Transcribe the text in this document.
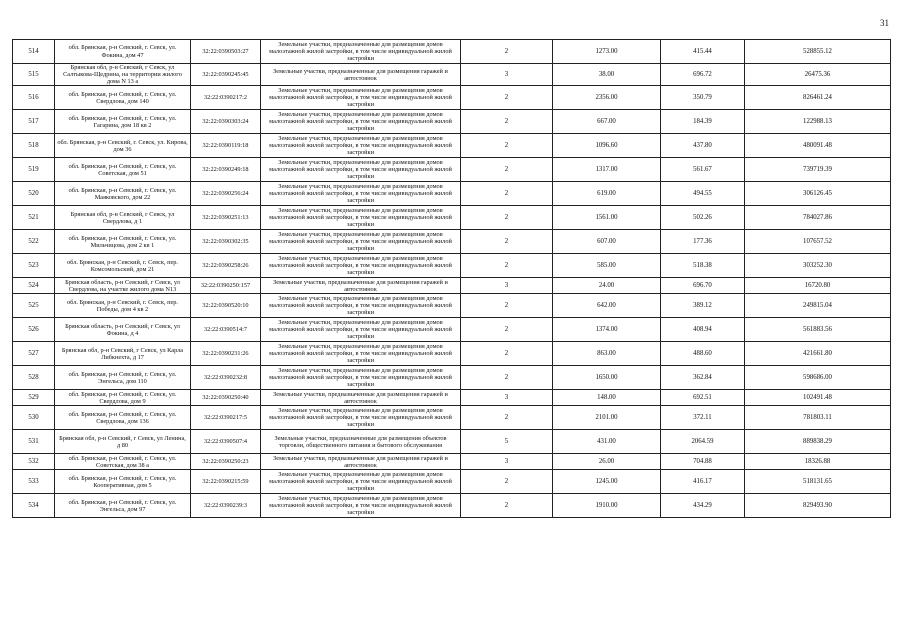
31
514	обл. Брянская, р-н Севский, г. Севск, ул. Фокина, дом 47	32:22:0390503:27	Земельные участки, предназначенные для размещения домов малоэтажной жилой застройки, в том числе индивидуальной жилой застройки	2	1273.00	415.44	528855.12
515	Брянская обл, р-н Севский, г Севск, ул Салтыкова-Щедрина, на территории жилого дома N 13 а	32:22:0390245:45	Земельные участки, предназначенные для размещения гаражей и автостоянок	3	38.00	696.72	26475.36
516	обл. Брянская, р-н Севский, г. Севск, ул. Свердлова, дом 140	32:22:0390217:2	Земельные участки, предназначенные для размещения домов малоэтажной жилой застройки, в том числе индивидуальной жилой застройки	2	2356.00	350.79	826461.24
517	обл. Брянская, р-н Севский, г. Севск, ул. Гагарина, дом 18 кв 2	32:22:0390303:24	Земельные участки, предназначенные для размещения домов малоэтажной жилой застройки, в том числе индивидуальной жилой застройки	2	667.00	184.39	122988.13
518	обл. Брянская, р-н Севский, г. Севск, ул. Кирова, дом 36	32:22:0390119:18	Земельные участки, предназначенные для размещения домов малоэтажной жилой застройки, в том числе индивидуальной жилой застройки	2	1096.60	437.80	480091.48
519	обл. Брянская, р-н Севский, г. Севск, ул. Советская, дом 51	32:22:0390249:18	Земельные участки, предназначенные для размещения домов малоэтажной жилой застройки, в том числе индивидуальной жилой застройки	2	1317.00	561.67	739719.39
520	обл. Брянская, р-н Севский, г. Севск, ул. Маяковского, дом 22	32:22:0390256:24	Земельные участки, предназначенные для размещения домов малоэтажной жилой застройки, в том числе индивидуальной жилой застройки	2	619.00	494.55	306126.45
521	Брянская обл, р-н Севский, г Севск, ул Свердлова, д 1	32:22:0390251:13	Земельные участки, предназначенные для размещения домов малоэтажной жилой застройки, в том числе индивидуальной жилой застройки	2	1561.00	502.26	784027.86
522	обл. Брянская, р-н Севский, г. Севск, ул. Мильчицова, дом 2 кв 1	32:22:0390302:35	Земельные участки, предназначенные для размещения домов малоэтажной жилой застройки, в том числе индивидуальной жилой застройки	2	607.00	177.36	107657.52
523	обл. Брянская, р-н Севский, г. Севск, пер. Комсомольский, дом 21	32:22:0390258:26	Земельные участки, предназначенные для размещения домов малоэтажной жилой застройки, в том числе индивидуальной жилой застройки	2	585.00	518.38	303252.30
524	Брянская область, р-н Севский, г Севск, ул Свердлова, на участке жилого дома N13	32:22:0390250:157	Земельные участки, предназначенные для размещения гаражей и автостоянок	3	24.00	696.70	16720.80
525	обл. Брянская, р-н Севский, г. Севск, пер. Победы, дом 4 кв 2	32:22:0390520:10	Земельные участки, предназначенные для размещения домов малоэтажной жилой застройки, в том числе индивидуальной жилой застройки	2	642.00	389.12	249815.04
526	Брянская область, р-н Севский, г Севск, ул Фокина, д 4	32:22:0390514:7	Земельные участки, предназначенные для размещения домов малоэтажной жилой застройки, в том числе индивидуальной жилой застройки	2	1374.00	408.94	561883.56
527	Брянская обл, р-н Севский, г Севск, ул Карла Либкнехта, д 17	32:22:0390231:26	Земельные участки, предназначенные для размещения домов малоэтажной жилой застройки, в том числе индивидуальной жилой застройки	2	863.00	488.60	421661.80
528	обл. Брянская, р-н Севский, г. Севск, ул. Энгельса, дом 110	32:22:0390232:8	Земельные участки, предназначенные для размещения домов малоэтажной жилой застройки, в том числе индивидуальной жилой застройки	2	1650.00	362.84	598686.00
529	обл. Брянская, р-н Севский, г. Севск, ул. Свердлова, дом 9	32:22:0390250:40	Земельные участки, предназначенные для размещения гаражей и автостоянок	3	148.00	692.51	102491.48
530	обл. Брянская, р-н Севский, г. Севск, ул. Свердлова, дом 136	32:22:0390217:5	Земельные участки, предназначенные для размещения домов малоэтажной жилой застройки, в том числе индивидуальной жилой застройки	2	2101.00	372.11	781803.11
531	Брянская обл, р-н Севский, г Севск, ул Ленина, д 80	32:22:0390507:4	Земельные участки, предназначенные для размещения объектов торговли, общественного питания и бытового обслуживания	5	431.00	2064.59	889838.29
532	обл. Брянская, р-н Севский, г. Севск, ул. Советская, дом 38 а	32:22:0390250:23	Земельные участки, предназначенные для размещения гаражей и автостоянок	3	26.00	704.88	18326.88
533	обл. Брянская, р-н Севский, г. Севск, ул. Кооперативная, дом 5	32:22:0390215:59	Земельные участки, предназначенные для размещения домов малоэтажной жилой застройки, в том числе индивидуальной жилой застройки	2	1245.00	416.17	518131.65
534	обл. Брянская, р-н Севский, г. Севск, ул. Энгельса, дом 97	32:22:0390239:3	Земельные участки, предназначенные для размещения домов малоэтажной жилой застройки, в том числе индивидуальной жилой застройки	2	1910.00	434.29	829493.90
